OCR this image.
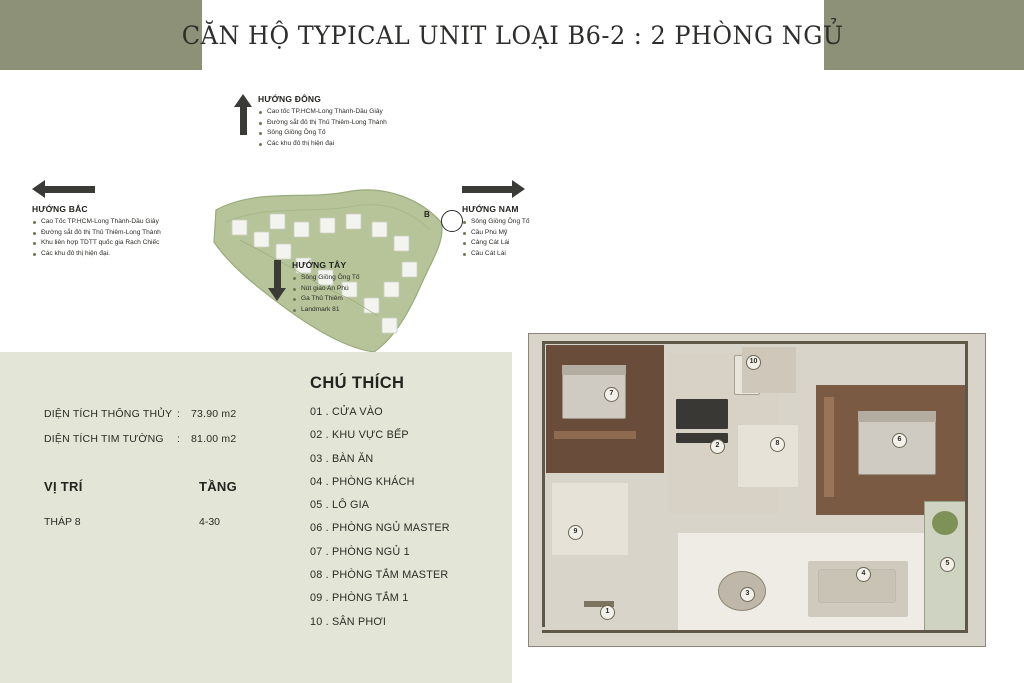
CĂN HỘ TYPICAL UNIT LOẠI B6-2 : 2 PHÒNG NGỦ
B
HƯỚNG BẮC
Cao Tốc TP.HCM-Long Thành-Dầu Giây
Đường sắt đô thị Thủ Thiêm-Long Thành
Khu liên hợp TDTT quốc gia Rạch Chiếc
Các khu đô thị hiện đại.
HƯỚNG ĐÔNG
Cao tốc TP.HCM-Long Thành-Dầu Giây
Đường sắt đô thị Thủ Thiêm-Long Thành
Sông Giồng Ông Tố
Các khu đô thị hiện đại
HƯỚNG NAM
Sông Giồng Ông Tố
Cầu Phú Mỹ
Cảng Cát Lái
Cầu Cát Lái
HƯỚNG TÂY
Sông Giồng Ông Tố
Nút giao An Phú
Ga Thủ Thiêm
Landmark 81
DIỆN TÍCH THÔNG THỦY :	73.90 m2
DIỆN TÍCH TIM TƯỜNG	:	81.00 m2
VỊ TRÍ	TẦNG
THÁP 8	4-30
CHÚ THÍCH
01 . CỬA VÀO
02 . KHU VỰC BẾP
03 . BÀN ĂN
04 . PHÒNG KHÁCH
05 . LÔ GIA
06 . PHÒNG NGỦ MASTER
07 . PHÒNG NGỦ 1
08 . PHÒNG TẮM MASTER
09 . PHÒNG TẮM 1
10 . SÂN PHƠI
1
2
3
4
5
6
7
8
9
10
